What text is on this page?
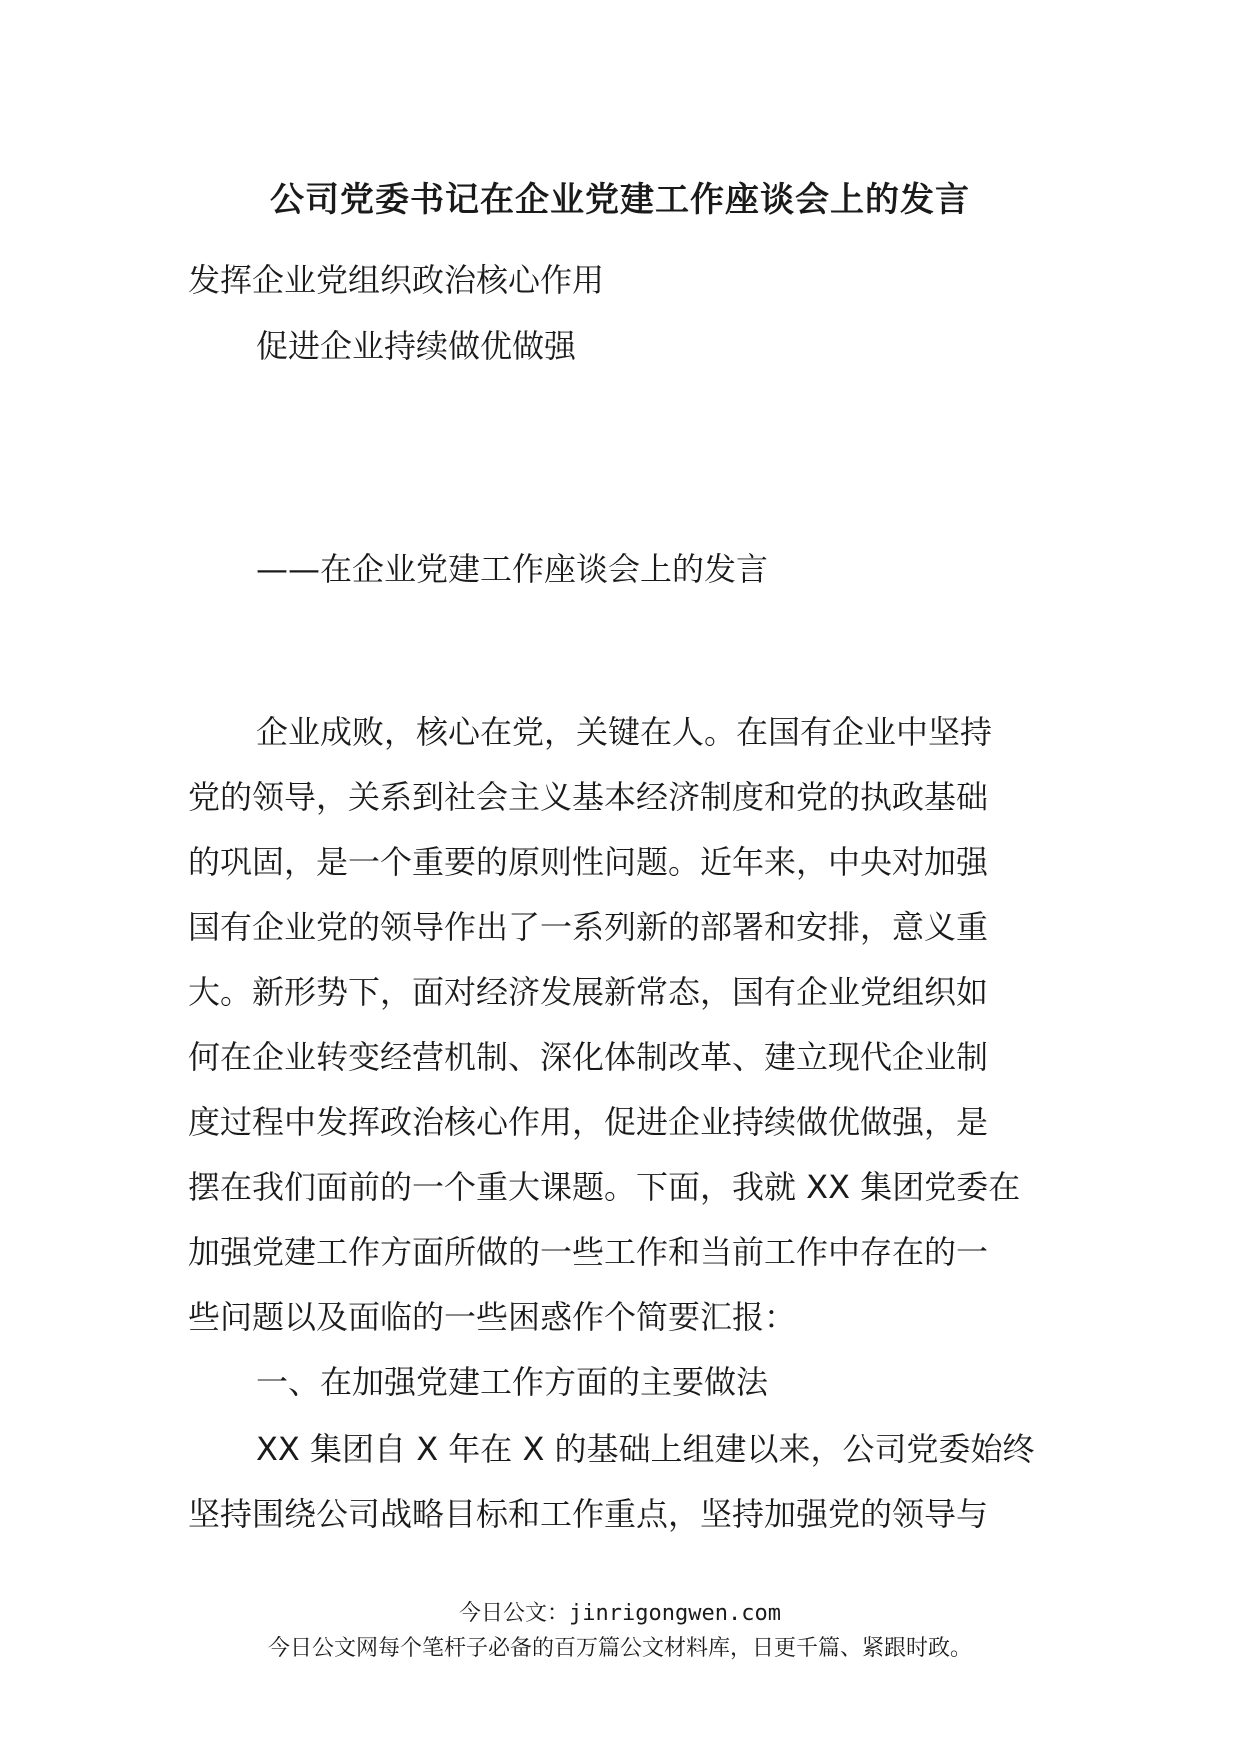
公司党委书记在企业党建工作座谈会上的发言
发挥企业党组织政治核心作用
促进企业持续做优做强
——在企业党建工作座谈会上的发言
企业成败，核心在党，关键在人。在国有企业中坚持
党的领导，关系到社会主义基本经济制度和党的执政基础
的巩固，是一个重要的原则性问题。近年来，中央对加强
国有企业党的领导作出了一系列新的部署和安排，意义重
大。新形势下，面对经济发展新常态，国有企业党组织如
何在企业转变经营机制、深化体制改革、建立现代企业制
度过程中发挥政治核心作用，促进企业持续做优做强，是
摆在我们面前的一个重大课题。下面，我就 XX 集团党委在
加强党建工作方面所做的一些工作和当前工作中存在的一
些问题以及面临的一些困惑作个简要汇报：
一、在加强党建工作方面的主要做法
XX 集团自 X 年在 X 的基础上组建以来，公司党委始终
坚持围绕公司战略目标和工作重点，坚持加强党的领导与
今日公文：jinrigongwen.com
今日公文网每个笔杆子必备的百万篇公文材料库，日更千篇、紧跟时政。
